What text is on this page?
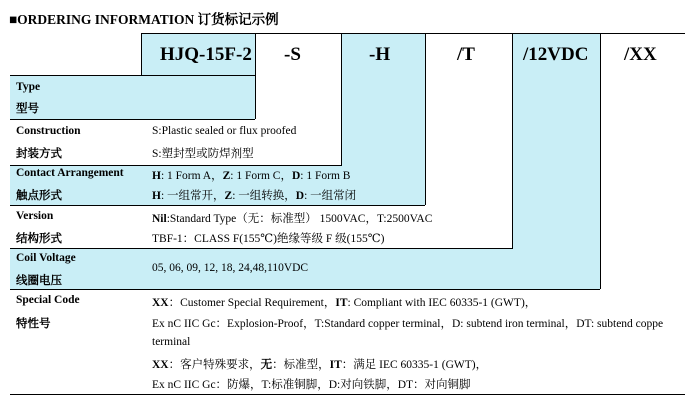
■ORDERING INFORMATION 订货标记示例
HJQ-15F-2 -S	-H	/T	/12VDC /XX
Type
型号
Construction
封装方式
S:Plastic sealed or flux proofed
S:塑封型或防焊剂型
Contact Arrangement
触点形式
H: 1 Form A，Z: 1 Form C，D: 1 Form B
H: 一组常开，Z: 一组转换，D: 一组常闭
Version
结构形式
Nil:Standard Type（无：标准型） 1500VAC，T:2500VAC
TBF-1：CLASS F(155℃)绝缘等级 F 级(155℃)
Coil Voltage
线圈电压
05, 06, 09, 12, 18, 24,48,110VDC
Special Code
特性号
XX：Customer Special Requirement，IT: Compliant with IEC 60335-1 (GWT)，
Ex nC IIC Gc：Explosion-Proof，T:Standard copper terminal，D: subtend iron terminal，DT: subtend coppe
terminal
XX：客户特殊要求，无：标准型，IT：满足 IEC 60335-1 (GWT)，
Ex nC IIC Gc：防爆，T:标准铜脚，D:对向铁脚，DT：对向铜脚
